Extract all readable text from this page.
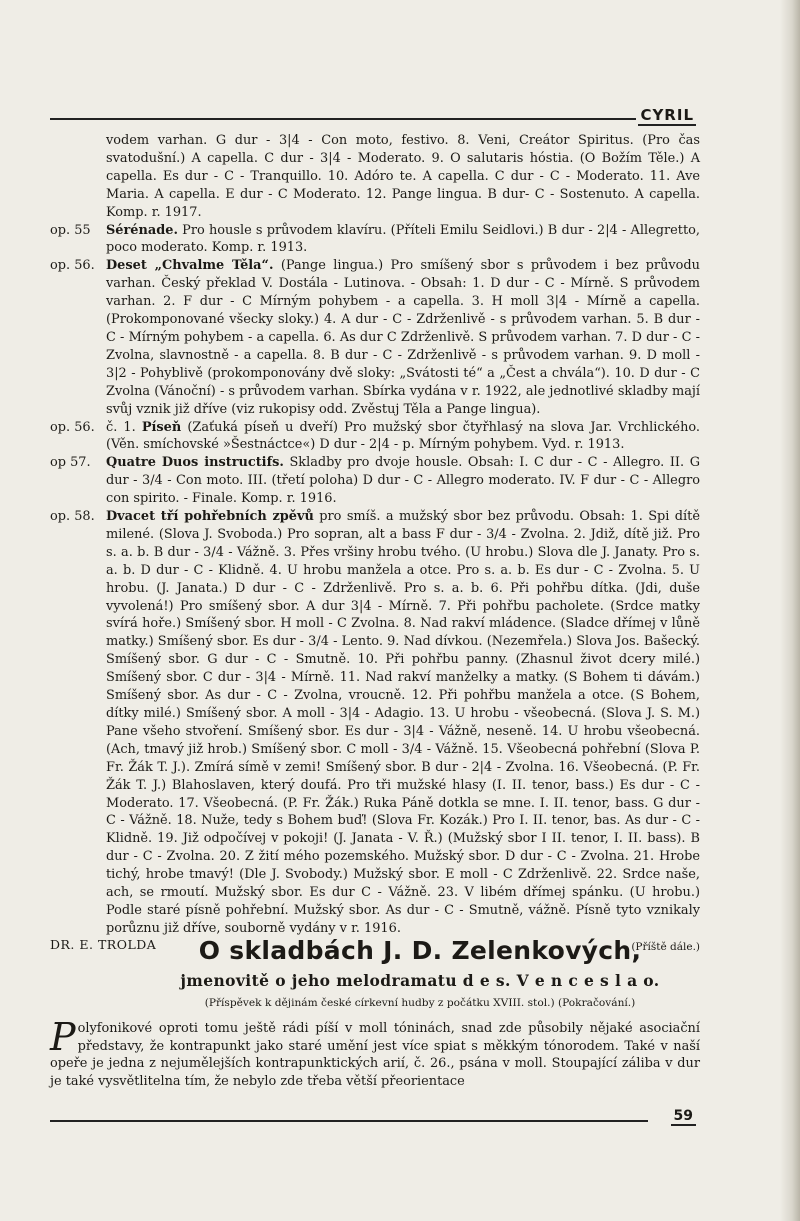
CYRIL
vodem varhan. G dur - 3|4 - Con moto, festivo. 8. Veni, Creátor Spiritus. (Pro čas svatodušní.) A capella. C dur - 3|4 - Moderato. 9. O salutaris hóstia. (O Božím Těle.) A capella. Es dur - C - Tranquillo. 10. Adóro te. A capella. C dur - C - Moderato. 11. Ave Maria. A capella. E dur - C Moderato. 12. Pange lingua. B dur- C - Sostenuto. A capella. Komp. r. 1917.
op. 55	Sérénade. Pro housle s průvodem klavíru. (Příteli Emilu Seidlovi.) B dur - 2|4 - Allegretto, poco moderato. Komp. r. 1913.
op. 56. Deset „Chvalme Těla“. (Pange lingua.) Pro smíšený sbor s průvodem i bez průvodu varhan. Český překlad V. Dostála - Lutinova. - Obsah: 1. D dur - C - Mírně. S průvodem varhan. 2. F dur - C Mírným pohybem - a capella. 3. H moll 3|4 - Mírně a capella. (Prokomponované všecky sloky.) 4. A dur - C - Zdrženlivě - s průvodem varhan. 5. B dur - C - Mírným pohybem - a capella. 6. As dur C Zdrženlivě. S průvodem varhan. 7. D dur - C - Zvolna, slavnostně - a capella. 8. B dur - C - Zdrženlivě - s průvodem varhan. 9. D moll - 3|2 - Pohyblivě (prokomponovány dvě sloky: „Svátosti té“ a „Čest a chvála“). 10. D dur - C Zvolna (Vánoční) - s průvodem varhan. Sbírka vydána v r. 1922, ale jednotlivé skladby mají svůj vznik již dříve (viz rukopisy odd. Zvěstuj Těla a Pange lingua).
op. 56. č. 1. Píseň (Zaťuká píseň u dveří) Pro mužský sbor čtyřhlasý na slova Jar. Vrchlického. (Věn. smíchovské »Šestnáctce«) D dur - 2|4 - p. Mírným pohybem. Vyd. r. 1913.
op 57.	Quatre Duos instructifs. Skladby pro dvoje housle. Obsah: I. C dur - C - Allegro. II. G dur - 3/4 - Con moto. III. (třetí poloha) D dur - C - Allegro moderato. IV. F dur - C - Allegro con spirito. - Finale. Komp. r. 1916.
op. 58. Dvacet tří pohřebních zpěvů pro smíš. a mužský sbor bez průvodu. Obsah: 1. Spi dítě milené. (Slova J. Svoboda.) Pro sopran, alt a bass F dur - 3/4 - Zvolna. 2. Jdiž, dítě již. Pro s. a. b. B dur - 3/4 - Vážně. 3. Přes vršiny hrobu tvého. (U hrobu.) Slova dle J. Janaty. Pro s. a. b. D dur - C - Klidně. 4. U hrobu manžela a otce. Pro s. a. b. Es dur - C - Zvolna. 5. U hrobu. (J. Janata.) D dur - C - Zdrženlivě. Pro s. a. b. 6. Při pohřbu dítka. (Jdi, duše vyvolená!) Pro smíšený sbor. A dur 3|4 - Mírně. 7. Při pohřbu pacholete. (Srdce matky svírá hoře.) Smíšený sbor. H moll - C Zvolna. 8. Nad rakví mládence. (Sladce dřímej v lůně matky.) Smíšený sbor. Es dur - 3/4 - Lento. 9. Nad dívkou. (Nezemřela.) Slova Jos. Bašecký. Smíšený sbor. G dur - C - Smutně. 10. Při pohřbu panny. (Zhasnul život dcery milé.) Smíšený sbor. C dur - 3|4 - Mírně. 11. Nad rakví manželky a matky. (S Bohem ti dávám.) Smíšený sbor. As dur - C - Zvolna, vroucně. 12. Při pohřbu manžela a otce. (S Bohem, dítky milé.) Smíšený sbor. A moll - 3|4 - Adagio. 13. U hrobu - všeobecná. (Slova J. S. M.) Pane všeho stvoření. Smíšený sbor. Es dur - 3|4 - Vážně, neseně. 14. U hrobu všeobecná. (Ach, tmavý již hrob.) Smíšený sbor. C moll - 3/4 - Vážně. 15. Všeobecná pohřební (Slova P. Fr. Žák T. J.). Zmírá símě v zemi! Smíšený sbor. B dur - 2|4 - Zvolna. 16. Všeobecná. (P. Fr. Žák T. J.) Blahoslaven, který doufá. Pro tři mužské hlasy (I. II. tenor, bass.) Es dur - C - Moderato. 17. Všeobecná. (P. Fr. Žák.) Ruka Páně dotkla se mne. I. II. tenor, bass. G dur - C - Vážně. 18. Nuže, tedy s Bohem buď! (Slova Fr. Kozák.) Pro I. II. tenor, bas. As dur - C - Klidně. 19. Již odpočívej v pokoji! (J. Janata - V. Ř.) (Mužský sbor I II. tenor, I. II. bass). B dur - C - Zvolna. 20. Z žití mého pozemského. Mužský sbor. D dur - C - Zvolna. 21. Hrobe tichý, hrobe tmavý! (Dle J. Svobody.) Mužský sbor. E moll - C Zdrženlivě. 22. Srdce naše, ach, se rmoutí. Mužský sbor. Es dur C - Vážně. 23. V libém dřímej spánku. (U hrobu.) Podle staré písně pohřební. Mužský sbor. As dur - C - Smutně, vážně. Písně tyto vznikaly porůznu již dříve, souborně vydány v r. 1916.
(Příště dále.)
DR. E. TROLDA	O skladbách J. D. Zelenkových,
jmenovitě o jeho melodramatu d e s. V e n c e s l a o.

(Příspěvek k dějinám české církevní hudby z počátku XVIII. stol.) (Pokračování.)

Polyfonikové oproti tomu ještě rádi píší v moll tóninách, snad zde působily nějaké asociační představy, že kontrapunkt jako staré umění jest více spiat s měkkým tónorodem. Také v naší opeře je jedna z nejumělejších kontrapunktických arií, č. 26., psána v moll. Stoupající záliba v dur je také vysvětlitelna tím, že nebylo zde třeba větší přeorientace

59
